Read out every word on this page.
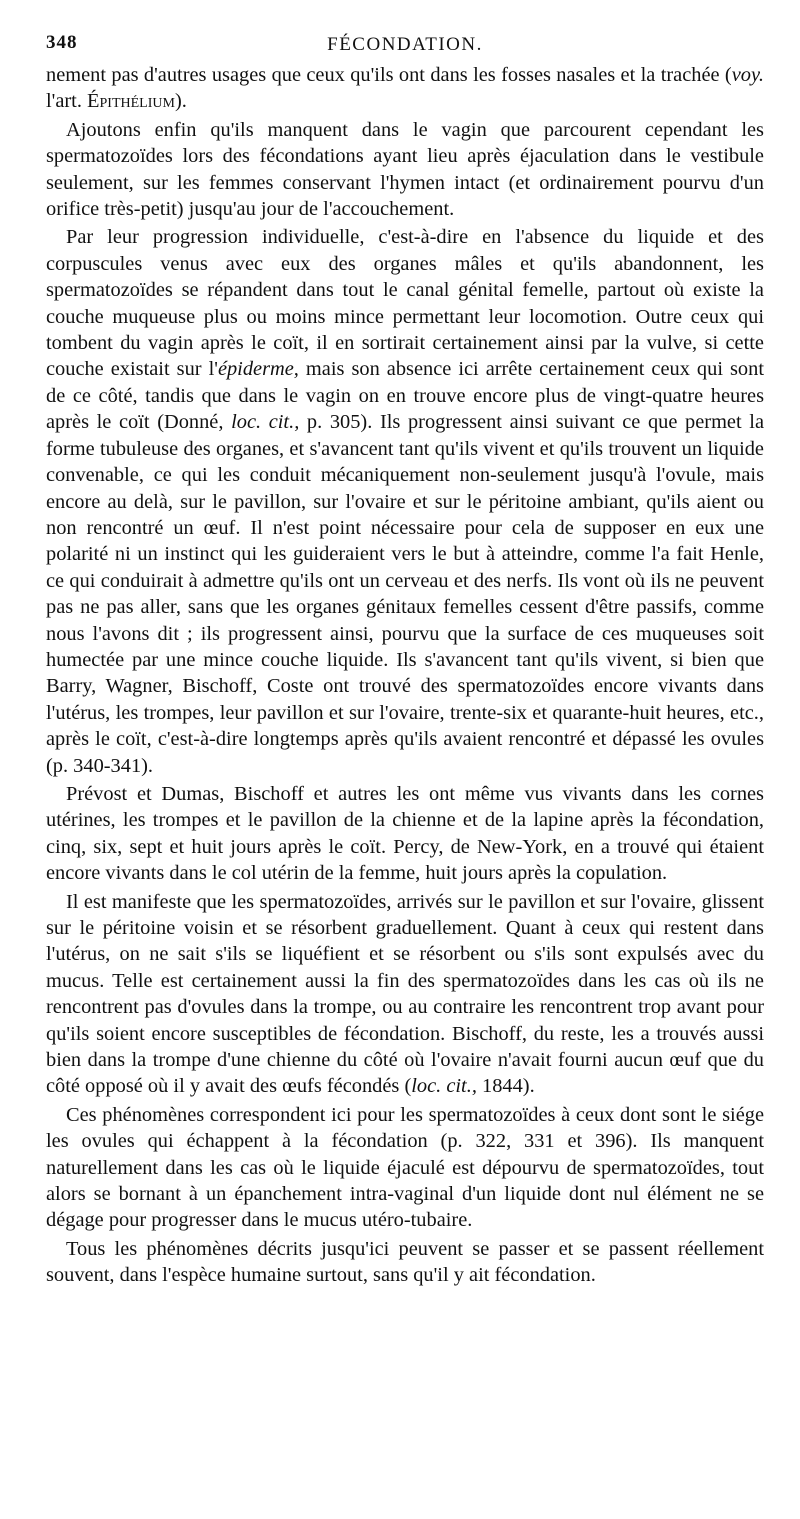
348	FÉCONDATION.

nement pas d'autres usages que ceux qu'ils ont dans les fosses nasales et la trachée (voy. l'art. Épithélium).

Ajoutons enfin qu'ils manquent dans le vagin que parcourent cependant les spermatozoïdes lors des fécondations ayant lieu après éjaculation dans le vestibule seulement, sur les femmes conservant l'hymen intact (et ordinairement pourvu d'un orifice très-petit) jusqu'au jour de l'accouchement.

Par leur progression individuelle, c'est-à-dire en l'absence du liquide et des corpuscules venus avec eux des organes mâles et qu'ils abandonnent, les spermatozoïdes se répandent dans tout le canal génital femelle, partout où existe la couche muqueuse plus ou moins mince permettant leur locomotion. Outre ceux qui tombent du vagin après le coït, il en sortirait certainement ainsi par la vulve, si cette couche existait sur l'épiderme, mais son absence ici arrête certainement ceux qui sont de ce côté, tandis que dans le vagin on en trouve encore plus de vingt-quatre heures après le coït (Donné, loc. cit., p. 305). Ils progressent ainsi suivant ce que permet la forme tubuleuse des organes, et s'avancent tant qu'ils vivent et qu'ils trouvent un liquide convenable, ce qui les conduit mécaniquement non-seulement jusqu'à l'ovule, mais encore au delà, sur le pavillon, sur l'ovaire et sur le péritoine ambiant, qu'ils aient ou non rencontré un œuf. Il n'est point nécessaire pour cela de supposer en eux une polarité ni un instinct qui les guideraient vers le but à atteindre, comme l'a fait Henle, ce qui conduirait à admettre qu'ils ont un cerveau et des nerfs. Ils vont où ils ne peuvent pas ne pas aller, sans que les organes génitaux femelles cessent d'être passifs, comme nous l'avons dit ; ils progressent ainsi, pourvu que la surface de ces muqueuses soit humectée par une mince couche liquide. Ils s'avancent tant qu'ils vivent, si bien que Barry, Wagner, Bischoff, Coste ont trouvé des spermatozoïdes encore vivants dans l'utérus, les trompes, leur pavillon et sur l'ovaire, trente-six et quarante-huit heures, etc., après le coït, c'est-à-dire longtemps après qu'ils avaient rencontré et dépassé les ovules (p. 340-341).

Prévost et Dumas, Bischoff et autres les ont même vus vivants dans les cornes utérines, les trompes et le pavillon de la chienne et de la lapine après la fécondation, cinq, six, sept et huit jours après le coït. Percy, de New-York, en a trouvé qui étaient encore vivants dans le col utérin de la femme, huit jours après la copulation.

Il est manifeste que les spermatozoïdes, arrivés sur le pavillon et sur l'ovaire, glissent sur le péritoine voisin et se résorbent graduellement. Quant à ceux qui restent dans l'utérus, on ne sait s'ils se liquéfient et se résorbent ou s'ils sont expulsés avec du mucus. Telle est certainement aussi la fin des spermatozoïdes dans les cas où ils ne rencontrent pas d'ovules dans la trompe, ou au contraire les rencontrent trop avant pour qu'ils soient encore susceptibles de fécondation. Bischoff, du reste, les a trouvés aussi bien dans la trompe d'une chienne du côté où l'ovaire n'avait fourni aucun œuf que du côté opposé où il y avait des œufs fécondés (loc. cit., 1844).

Ces phénomènes correspondent ici pour les spermatozoïdes à ceux dont sont le siége les ovules qui échappent à la fécondation (p. 322, 331 et 396). Ils manquent naturellement dans les cas où le liquide éjaculé est dépourvu de spermatozoïdes, tout alors se bornant à un épanchement intra-vaginal d'un liquide dont nul élément ne se dégage pour progresser dans le mucus utéro-tubaire.

Tous les phénomènes décrits jusqu'ici peuvent se passer et se passent réellement souvent, dans l'espèce humaine surtout, sans qu'il y ait fécondation.
